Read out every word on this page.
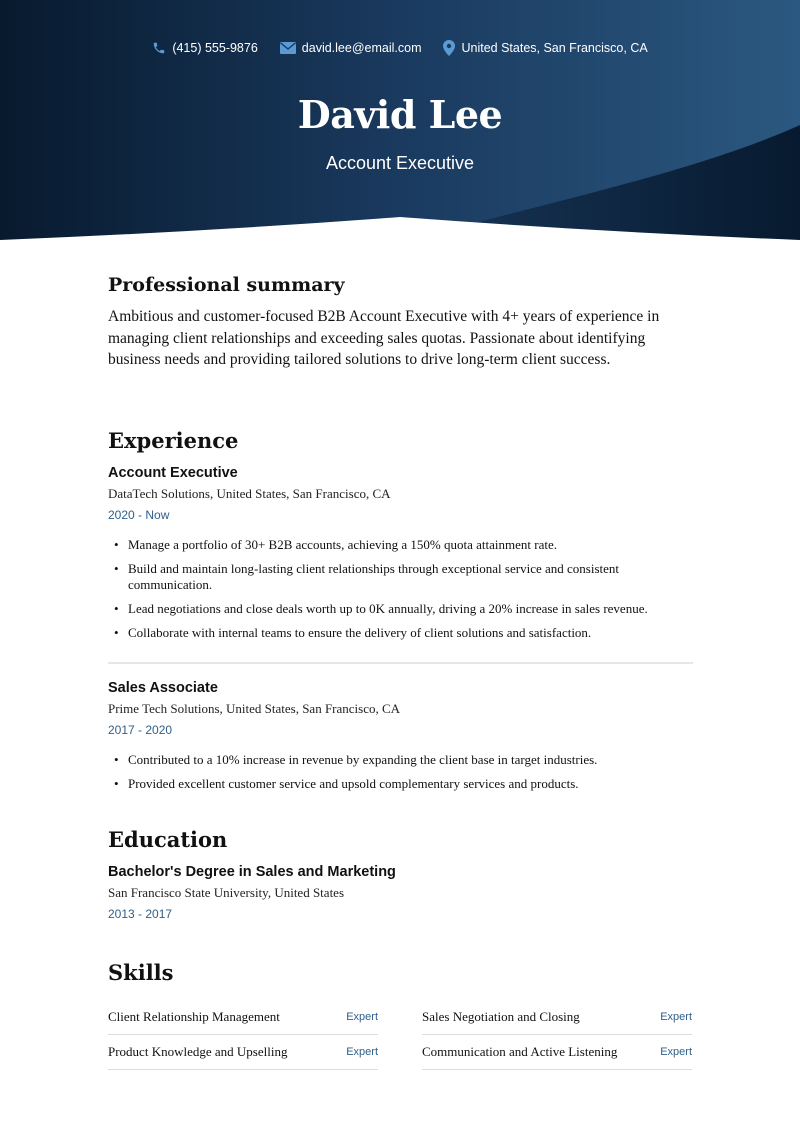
(415) 555-9876	david.lee@email.com	United States, San Francisco, CA
David Lee
Account Executive
Professional summary

Ambitious and customer-focused B2B Account Executive with 4+ years of experience in managing client relationships and exceeding sales quotas. Passionate about identifying business needs and providing tailored solutions to drive long-term client success.

Experience
Account Executive
DataTech Solutions, United States, San Francisco, CA
2020 - Now
• Manage a portfolio of 30+ B2B accounts, achieving a 150% quota attainment rate.
• Build and maintain long-lasting client relationships through exceptional service and consistent communication.
• Lead negotiations and close deals worth up to 0K annually, driving a 20% increase in sales revenue.
• Collaborate with internal teams to ensure the delivery of client solutions and satisfaction.
Sales Associate
Prime Tech Solutions, United States, San Francisco, CA
2017 - 2020
• Contributed to a 10% increase in revenue by expanding the client base in target industries.
• Provided excellent customer service and upsold complementary services and products.
Education
Bachelor's Degree in Sales and Marketing
San Francisco State University, United States
2013 - 2017
Skills
Client Relationship Management	Expert	Sales Negotiation and Closing	Expert
Product Knowledge and Upselling	Expert	Communication and Active Listening	Expert
